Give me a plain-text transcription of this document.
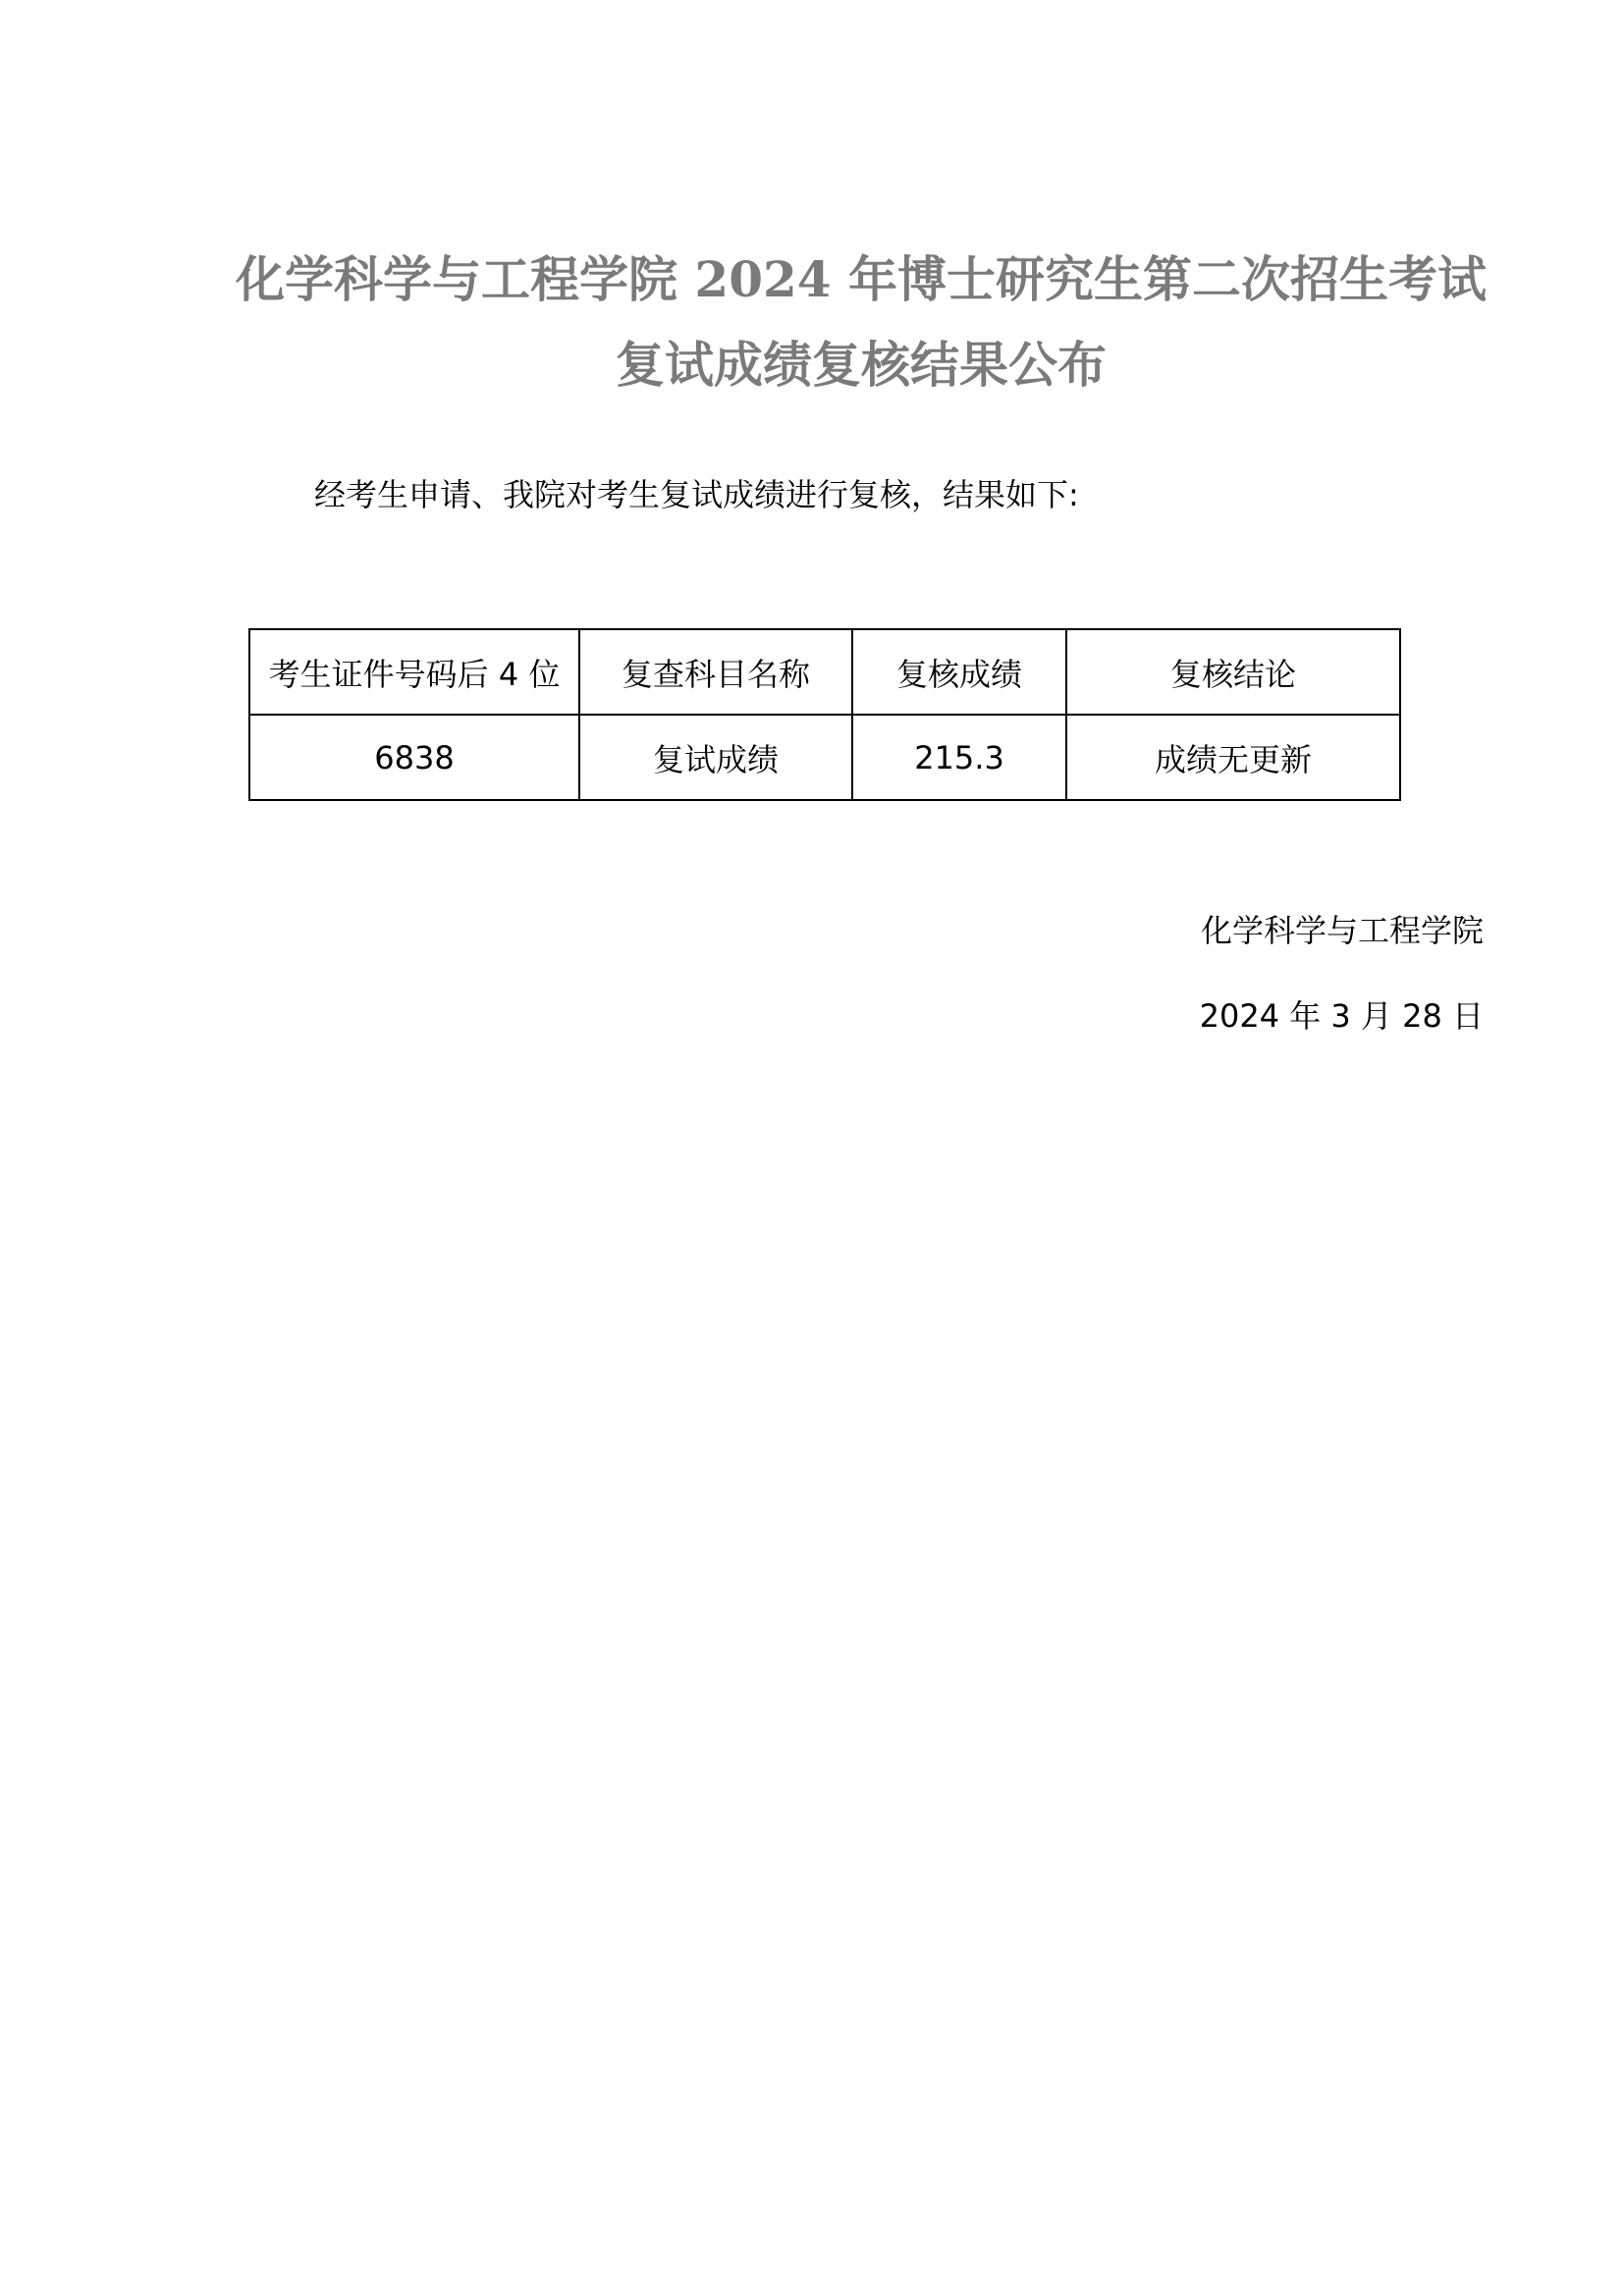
化学科学与工程学院 2024 年博士研究生第二次招生考试
复试成绩复核结果公布
经考生申请、我院对考生复试成绩进行复核，结果如下:
考生证件号码后 4 位	复查科目名称	复核成绩	复核结论
6838	复试成绩	215.3	成绩无更新
化学科学与工程学院
2024 年 3 月 28 日
